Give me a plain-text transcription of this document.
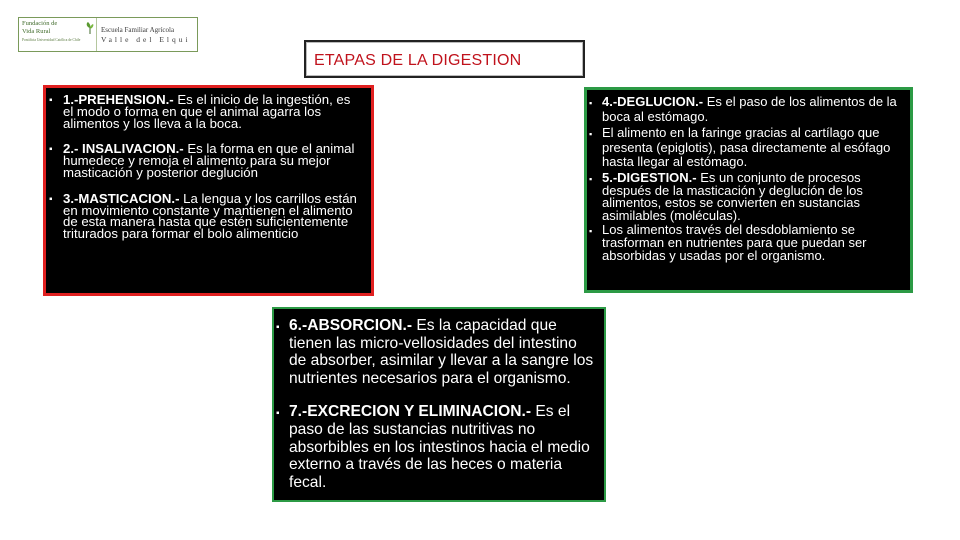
Fundación de
Vida Rural
Pontificia Universidad Católica de Chile
Escuela Familiar Agrícola
Valle del Elqui
ETAPAS DE LA DIGESTION
▪ 1.-PREHENSION.- Es el inicio de la ingestión, es el modo o forma en que el animal agarra los alimentos y los lleva a la boca.
▪ 2.- INSALIVACION.- Es la forma en que el animal humedece y remoja el alimento para su mejor masticación y posterior deglución
▪ 3.-MASTICACION.- La lengua y los carrillos están en movimiento constante y mantienen el alimento de esta manera hasta que estén suficientemente triturados para formar el bolo alimenticio
▪ 4.-DEGLUCION.- Es el paso de los alimentos de la boca al estómago.
▪ El alimento en la faringe gracias al cartílago que presenta (epiglotis), pasa directamente al esófago hasta llegar al estómago.
▪ 5.-DIGESTION.- Es un conjunto de procesos después de la masticación y deglución de los alimentos, estos se convierten en sustancias asimilables (moléculas).
▪ Los alimentos través del desdoblamiento se trasforman en nutrientes para que puedan ser absorbidas y usadas por el organismo.
▪ 6.-ABSORCION.- Es la capacidad que tienen las micro-vellosidades del intestino de absorber, asimilar y llevar a la sangre los nutrientes necesarios para el organismo.
▪ 7.-EXCRECION Y ELIMINACION.- Es el paso de las sustancias nutritivas no absorbibles en los intestinos hacia el medio externo a través de las heces o materia fecal.
